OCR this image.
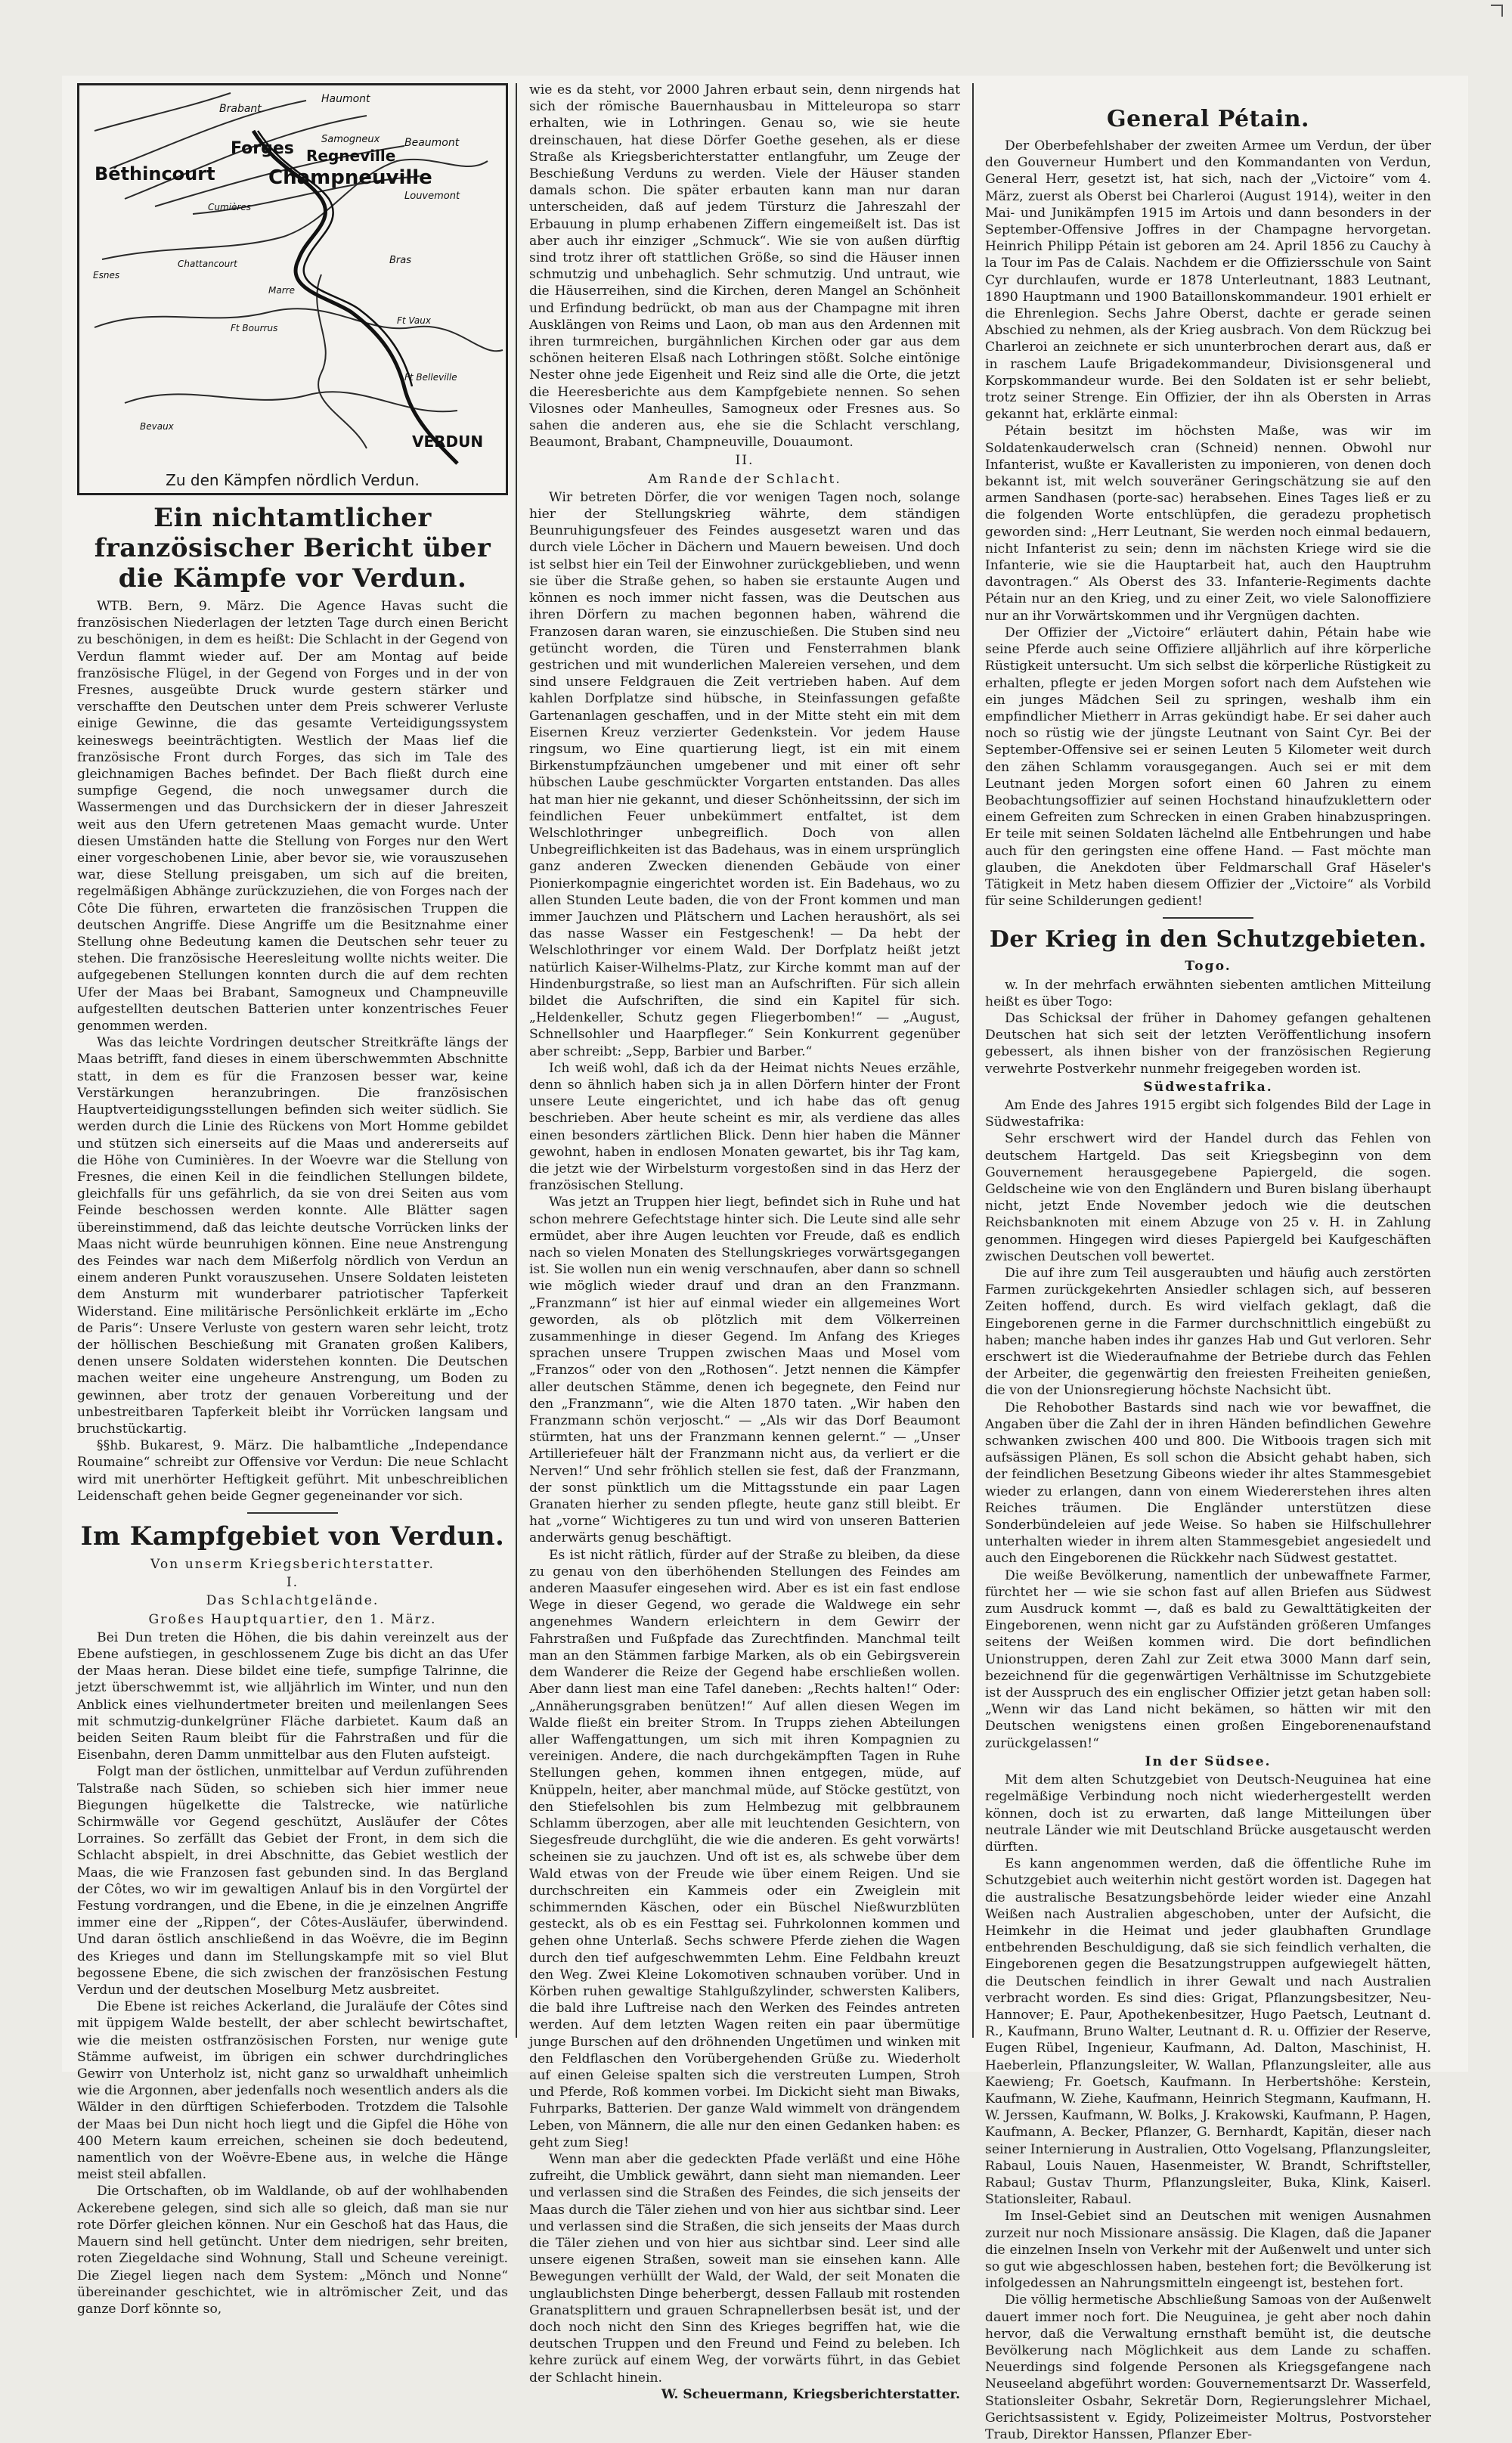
Brabant
Haumont
Samogneux
Forges Regneville
Beaumont
Béthincourt	Champneuville
Louvemont
Cumières
Esnes
Chattancourt	Bras
Marre
Ft Bourrus
Ft Vaux
Ft Belleville
Bevaux
VERDUN
Zu den Kämpfen nördlich Verdun.
Ein nichtamtlicher französischer Bericht über die Kämpfe vor Verdun.

WTB. Bern, 9. März. Die Agence Havas sucht die französischen Niederlagen der letzten Tage durch einen Bericht zu beschönigen, in dem es heißt: Die Schlacht in der Gegend von Verdun flammt wieder auf. Der am Montag auf beide französische Flügel, in der Gegend von Forges und in der von Fresnes, ausgeübte Druck wurde gestern stärker und verschaffte den Deutschen unter dem Preis schwerer Verluste einige Gewinne, die das gesamte Verteidigungssystem keineswegs beeinträchtigten. Westlich der Maas lief die französische Front durch Forges, das sich im Tale des gleichnamigen Baches befindet. Der Bach fließt durch eine sumpfige Gegend, die noch unwegsamer durch die Wassermengen und das Durchsickern der in dieser Jahreszeit weit aus den Ufern getretenen Maas gemacht wurde. Unter diesen Umständen hatte die Stellung von Forges nur den Wert einer vorgeschobenen Linie, aber bevor sie, wie vorauszusehen war, diese Stellung preisgaben, um sich auf die breiten, regelmäßigen Abhänge zurückzuziehen, die von Forges nach der Côte Die führen, erwarteten die französischen Truppen die deutschen Angriffe. Diese Angriffe um die Besitznahme einer Stellung ohne Bedeutung kamen die Deutschen sehr teuer zu stehen. Die französische Heeresleitung wollte nichts weiter. Die aufgegebenen Stellungen konnten durch die auf dem rechten Ufer der Maas bei Brabant, Samogneux und Champneuville aufgestellten deutschen Batterien unter konzentrisches Feuer genommen werden.

Was das leichte Vordringen deutscher Streitkräfte längs der Maas betrifft, fand dieses in einem überschwemmten Abschnitte statt, in dem es für die Franzosen besser war, keine Verstärkungen heranzubringen. Die französischen Hauptverteidigungsstellungen befinden sich weiter südlich. Sie werden durch die Linie des Rückens von Mort Homme gebildet und stützen sich einerseits auf die Maas und andererseits auf die Höhe von Cuminières. In der Woevre war die Stellung von Fresnes, die einen Keil in die feindlichen Stellungen bildete, gleichfalls für uns gefährlich, da sie von drei Seiten aus vom Feinde beschossen werden konnte. Alle Blätter sagen übereinstimmend, daß das leichte deutsche Vorrücken links der Maas nicht würde beunruhigen können. Eine neue Anstrengung des Feindes war nach dem Mißerfolg nördlich von Verdun an einem anderen Punkt vorauszusehen. Unsere Soldaten leisteten dem Ansturm mit wunderbarer patriotischer Tapferkeit Widerstand. Eine militärische Persönlichkeit erklärte im „Echo de Paris“: Unsere Verluste von gestern waren sehr leicht, trotz der höllischen Beschießung mit Granaten großen Kalibers, denen unsere Soldaten widerstehen konnten. Die Deutschen machen weiter eine ungeheure Anstrengung, um Boden zu gewinnen, aber trotz der genauen Vorbereitung und der unbestreitbaren Tapferkeit bleibt ihr Vorrücken langsam und bruchstückartig.

§§hb. Bukarest, 9. März. Die halbamtliche „Independance Roumaine“ schreibt zur Offensive vor Verdun: Die neue Schlacht wird mit unerhörter Heftigkeit geführt. Mit unbeschreiblichen Leidenschaft gehen beide Gegner gegeneinander vor sich.

Im Kampfgebiet von Verdun.
Von unserm Kriegsberichterstatter.
I.
Das Schlachtgelände.
Großes Hauptquartier, den 1. März.

Bei Dun treten die Höhen, die bis dahin vereinzelt aus der Ebene aufstiegen, in geschlossenem Zuge bis dicht an das Ufer der Maas heran. Diese bildet eine tiefe, sumpfige Talrinne, die jetzt überschwemmt ist, wie alljährlich im Winter, und nun den Anblick eines vielhundertmeter breiten und meilenlangen Sees mit schmutzig-dunkelgrüner Fläche darbietet. Kaum daß an beiden Seiten Raum bleibt für die Fahrstraßen und für die Eisenbahn, deren Damm unmittelbar aus den Fluten aufsteigt.

Folgt man der östlichen, unmittelbar auf Verdun zuführenden Talstraße nach Süden, so schieben sich hier immer neue Biegungen hügelkette die Talstrecke, wie natürliche Schirmwälle vor Gegend geschützt, Ausläufer der Côtes Lorraines. So zerfällt das Gebiet der Front, in dem sich die Schlacht abspielt, in drei Abschnitte, das Gebiet westlich der Maas, die wie Franzosen fast gebunden sind. In das Bergland der Côtes, wo wir im gewaltigen Anlauf bis in den Vorgürtel der Festung vordrangen, und die Ebene, in die je einzelnen Angriffe immer eine der „Rippen“, der Côtes-Ausläufer, überwindend. Und daran östlich anschließend in das Woëvre, die im Beginn des Krieges und dann im Stellungskampfe mit so viel Blut begossene Ebene, die sich zwischen der französischen Festung Verdun und der deutschen Moselburg Metz ausbreitet.

Die Ebene ist reiches Ackerland, die Juraläufe der Côtes sind mit üppigem Walde bestellt, der aber schlecht bewirtschaftet, wie die meisten ostfranzösischen Forsten, nur wenige gute Stämme aufweist, im übrigen ein schwer durchdringliches Gewirr von Unterholz ist, nicht ganz so urwaldhaft unheimlich wie die Argonnen, aber jedenfalls noch wesentlich anders als die Wälder in den dürftigen Schieferboden. Trotzdem die Talsohle der Maas bei Dun nicht hoch liegt und die Gipfel die Höhe von 400 Metern kaum erreichen, scheinen sie doch bedeutend, namentlich von der Woëvre-Ebene aus, in welche die Hänge meist steil abfallen.

Die Ortschaften, ob im Waldlande, ob auf der wohlhabenden Ackerebene gelegen, sind sich alle so gleich, daß man sie nur rote Dörfer gleichen können. Nur ein Geschoß hat das Haus, die Mauern sind hell getüncht. Unter dem niedrigen, sehr breiten, roten Ziegeldache sind Wohnung, Stall und Scheune vereinigt. Die Ziegel liegen nach dem System: „Mönch und Nonne“ übereinander geschichtet, wie in altrömischer Zeit, und das ganze Dorf könnte so,

wie es da steht, vor 2000 Jahren erbaut sein, denn nirgends hat sich der römische Bauernhausbau in Mitteleuropa so starr erhalten, wie in Lothringen. Genau so, wie sie heute dreinschauen, hat diese Dörfer Goethe gesehen, als er diese Straße als Kriegsberichterstatter entlangfuhr, um Zeuge der Beschießung Verduns zu werden. Viele der Häuser standen damals schon. Die später erbauten kann man nur daran unterscheiden, daß auf jedem Türsturz die Jahreszahl der Erbauung in plump erhabenen Ziffern eingemeißelt ist. Das ist aber auch ihr einziger „Schmuck“. Wie sie von außen dürftig sind trotz ihrer oft stattlichen Größe, so sind die Häuser innen schmutzig und unbehaglich. Sehr schmutzig. Und untraut, wie die Häuserreihen, sind die Kirchen, deren Mangel an Schönheit und Erfindung bedrückt, ob man aus der Champagne mit ihren Ausklängen von Reims und Laon, ob man aus den Ardennen mit ihren turmreichen, burgähnlichen Kirchen oder gar aus dem schönen heiteren Elsaß nach Lothringen stößt. Solche eintönige Nester ohne jede Eigenheit und Reiz sind alle die Orte, die jetzt die Heeresberichte aus dem Kampfgebiete nennen. So sehen Vilosnes oder Manheulles, Samogneux oder Fresnes aus. So sahen die anderen aus, ehe sie die Schlacht verschlang, Beaumont, Brabant, Champneuville, Douaumont.

II.
Am Rande der Schlacht.

Wir betreten Dörfer, die vor wenigen Tagen noch, solange hier der Stellungskrieg währte, dem ständigen Beunruhigungsfeuer des Feindes ausgesetzt waren und das durch viele Löcher in Dächern und Mauern beweisen. Und doch ist selbst hier ein Teil der Einwohner zurückgeblieben, und wenn sie über die Straße gehen, so haben sie erstaunte Augen und können es noch immer nicht fassen, was die Deutschen aus ihren Dörfern zu machen begonnen haben, während die Franzosen daran waren, sie einzuschießen. Die Stuben sind neu getüncht worden, die Türen und Fensterrahmen blank gestrichen und mit wunderlichen Malereien versehen, und dem sind unsere Feldgrauen die Zeit vertrieben haben. Auf dem kahlen Dorfplatze sind hübsche, in Steinfassungen gefaßte Gartenanlagen geschaffen, und in der Mitte steht ein mit dem Eisernen Kreuz verzierter Gedenkstein. Vor jedem Hause ringsum, wo Eine quartierung liegt, ist ein mit einem Birkenstumpfzäunchen umgebener und mit einer oft sehr hübschen Laube geschmückter Vorgarten entstanden. Das alles hat man hier nie gekannt, und dieser Schönheitssinn, der sich im feindlichen Feuer unbekümmert entfaltet, ist dem Welschlothringer unbegreiflich. Doch von allen Unbegreiflichkeiten ist das Badehaus, was in einem ursprünglich ganz anderen Zwecken dienenden Gebäude von einer Pionierkompagnie eingerichtet worden ist. Ein Badehaus, wo zu allen Stunden Leute baden, die von der Front kommen und man immer Jauchzen und Plätschern und Lachen heraushört, als sei das nasse Wasser ein Festgeschenk! — Da hebt der Welschlothringer vor einem Wald. Der Dorfplatz heißt jetzt natürlich Kaiser-Wilhelms-Platz, zur Kirche kommt man auf der Hindenburgstraße, so liest man an Aufschriften. Für sich allein bildet die Aufschriften, die sind ein Kapitel für sich. „Heldenkeller, Schutz gegen Fliegerbomben!“ — „August, Schnellsohler und Haarpfleger.“ Sein Konkurrent gegenüber aber schreibt: „Sepp, Barbier und Barber.“

Ich weiß wohl, daß ich da der Heimat nichts Neues erzähle, denn so ähnlich haben sich ja in allen Dörfern hinter der Front unsere Leute eingerichtet, und ich habe das oft genug beschrieben. Aber heute scheint es mir, als verdiene das alles einen besonders zärtlichen Blick. Denn hier haben die Männer gewohnt, haben in endlosen Monaten gewartet, bis ihr Tag kam, die jetzt wie der Wirbelsturm vorgestoßen sind in das Herz der französischen Stellung.

Was jetzt an Truppen hier liegt, befindet sich in Ruhe und hat schon mehrere Gefechtstage hinter sich. Die Leute sind alle sehr ermüdet, aber ihre Augen leuchten vor Freude, daß es endlich nach so vielen Monaten des Stellungskrieges vorwärtsgegangen ist. Sie wollen nun ein wenig verschnaufen, aber dann so schnell wie möglich wieder drauf und dran an den Franzmann. „Franzmann“ ist hier auf einmal wieder ein allgemeines Wort geworden, als ob plötzlich mit dem Völkerreinen zusammenhinge in dieser Gegend. Im Anfang des Krieges sprachen unsere Truppen zwischen Maas und Mosel vom „Franzos“ oder von den „Rothosen“. Jetzt nennen die Kämpfer aller deutschen Stämme, denen ich begegnete, den Feind nur den „Franzmann“, wie die Alten 1870 taten. „Wir haben den Franzmann schön verjoscht.“ — „Als wir das Dorf Beaumont stürmten, hat uns der Franzmann kennen gelernt.“ — „Unser Artilleriefeuer hält der Franzmann nicht aus, da verliert er die Nerven!“ Und sehr fröhlich stellen sie fest, daß der Franzmann, der sonst pünktlich um die Mittagsstunde ein paar Lagen Granaten hierher zu senden pflegte, heute ganz still bleibt. Er hat „vorne“ Wichtigeres zu tun und wird von unseren Batterien anderwärts genug beschäftigt.

Es ist nicht rätlich, fürder auf der Straße zu bleiben, da diese zu genau von den überhöhenden Stellungen des Feindes am anderen Maasufer eingesehen wird. Aber es ist ein fast endlose Wege in dieser Gegend, wo gerade die Waldwege ein sehr angenehmes Wandern erleichtern in dem Gewirr der Fahrstraßen und Fußpfade das Zurechtfinden. Manchmal teilt man an den Stämmen farbige Marken, als ob ein Gebirgsverein dem Wanderer die Reize der Gegend habe erschließen wollen. Aber dann liest man eine Tafel daneben: „Rechts halten!“ Oder: „Annäherungsgraben benützen!“ Auf allen diesen Wegen im Walde fließt ein breiter Strom. In Trupps ziehen Abteilungen aller Waffengattungen, um sich mit ihren Kompagnien zu vereinigen. Andere, die nach durchgekämpften Tagen in Ruhe Stellungen gehen, kommen ihnen entgegen, müde, auf Knüppeln, heiter, aber manchmal müde, auf Stöcke gestützt, von den Stiefelsohlen bis zum Helmbezug mit gelbbraunem Schlamm überzogen, aber alle mit leuchtenden Gesichtern, von Siegesfreude durchglüht, die wie die anderen. Es geht vorwärts! scheinen sie zu jauchzen. Und oft ist es, als schwebe über dem Wald etwas von der Freude wie über einem Reigen. Und sie durchschreiten ein Kammeis oder ein Zweiglein mit schimmernden Käschen, oder ein Büschel Nießwurzblüten gesteckt, als ob es ein Festtag sei. Fuhrkolonnen kommen und gehen ohne Unterlaß. Sechs schwere Pferde ziehen die Wagen durch den tief aufgeschwemmten Lehm. Eine Feldbahn kreuzt den Weg. Zwei Kleine Lokomotiven schnauben vorüber. Und in Körben ruhen gewaltige Stahlgußzylinder, schwersten Kalibers, die bald ihre Luftreise nach den Werken des Feindes antreten werden. Auf dem letzten Wagen reiten ein paar übermütige junge Burschen auf den dröhnenden Ungetümen und winken mit den Feldflaschen den Vorübergehenden Grüße zu. Wiederholt auf einen Geleise spalten sich die verstreuten Lumpen, Stroh und Pferde, Roß kommen vorbei. Im Dickicht sieht man Biwaks, Fuhrparks, Batterien. Der ganze Wald wimmelt von drängendem Leben, von Männern, die alle nur den einen Gedanken haben: es geht zum Sieg!

Wenn man aber die gedeckten Pfade verläßt und eine Höhe zufreiht, die Umblick gewährt, dann sieht man niemanden. Leer und verlassen sind die Straßen des Feindes, die sich jenseits der Maas durch die Täler ziehen und von hier aus sichtbar sind. Leer und verlassen sind die Straßen, die sich jenseits der Maas durch die Täler ziehen und von hier aus sichtbar sind. Leer sind alle unsere eigenen Straßen, soweit man sie einsehen kann. Alle Bewegungen verhüllt der Wald, der Wald, der seit Monaten die unglaublichsten Dinge beherbergt, dessen Fallaub mit rostenden Granatsplittern und grauen Schrapnellerbsen besät ist, und der doch noch nicht den Sinn des Krieges begriffen hat, wie die deutschen Truppen und den Freund und Feind zu beleben. Ich kehre zurück auf einem Weg, der vorwärts führt, in das Gebiet der Schlacht hinein.

W. Scheuermann, Kriegsberichterstatter.

General Pétain.

Der Oberbefehlshaber der zweiten Armee um Verdun, der über den Gouverneur Humbert und den Kommandanten von Verdun, General Herr, gesetzt ist, hat sich, nach der „Victoire“ vom 4. März, zuerst als Oberst bei Charleroi (August 1914), weiter in den Mai- und Junikämpfen 1915 im Artois und dann besonders in der September-Offensive Joffres in der Champagne hervorgetan. Heinrich Philipp Pétain ist geboren am 24. April 1856 zu Cauchy à la Tour im Pas de Calais. Nachdem er die Offiziersschule von Saint Cyr durchlaufen, wurde er 1878 Unterleutnant, 1883 Leutnant, 1890 Hauptmann und 1900 Bataillonskommandeur. 1901 erhielt er die Ehrenlegion. Sechs Jahre Oberst, dachte er gerade seinen Abschied zu nehmen, als der Krieg ausbrach. Von dem Rückzug bei Charleroi an zeichnete er sich ununterbrochen derart aus, daß er in raschem Laufe Brigadekommandeur, Divisionsgeneral und Korpskommandeur wurde. Bei den Soldaten ist er sehr beliebt, trotz seiner Strenge. Ein Offizier, der ihn als Obersten in Arras gekannt hat, erklärte einmal:

Pétain besitzt im höchsten Maße, was wir im Soldatenkauderwelsch cran (Schneid) nennen. Obwohl nur Infanterist, wußte er Kavalleristen zu imponieren, von denen doch bekannt ist, mit welch souveräner Geringschätzung sie auf den armen Sandhasen (porte-sac) herabsehen. Eines Tages ließ er zu die folgenden Worte entschlüpfen, die geradezu prophetisch geworden sind: „Herr Leutnant, Sie werden noch einmal bedauern, nicht Infanterist zu sein; denn im nächsten Kriege wird sie die Infanterie, wie sie die Hauptarbeit hat, auch den Hauptruhm davontragen.“ Als Oberst des 33. Infanterie-Regiments dachte Pétain nur an den Krieg, und zu einer Zeit, wo viele Salonoffiziere nur an ihr Vorwärtskommen und ihr Vergnügen dachten.

Der Offizier der „Victoire“ erläutert dahin, Pétain habe wie seine Pferde auch seine Offiziere alljährlich auf ihre körperliche Rüstigkeit untersucht. Um sich selbst die körperliche Rüstigkeit zu erhalten, pflegte er jeden Morgen sofort nach dem Aufstehen wie ein junges Mädchen Seil zu springen, weshalb ihm ein empfindlicher Mietherr in Arras gekündigt habe. Er sei daher auch noch so rüstig wie der jüngste Leutnant von Saint Cyr. Bei der September-Offensive sei er seinen Leuten 5 Kilometer weit durch den zähen Schlamm vorausgegangen. Auch sei er mit dem Leutnant jeden Morgen sofort einen 60 Jahren zu einem Beobachtungsoffizier auf seinen Hochstand hinaufzuklettern oder einem Gefreiten zum Schrecken in einen Graben hinabzuspringen. Er teile mit seinen Soldaten lächelnd alle Entbehrungen und habe auch für den geringsten eine offene Hand. — Fast möchte man glauben, die Anekdoten über Feldmarschall Graf Häseler's Tätigkeit in Metz haben diesem Offizier der „Victoire“ als Vorbild für seine Schilderungen gedient!

Der Krieg in den Schutzgebieten.
Togo.

w. In der mehrfach erwähnten siebenten amtlichen Mitteilung heißt es über Togo:

Das Schicksal der früher in Dahomey gefangen gehaltenen Deutschen hat sich seit der letzten Veröffentlichung insofern gebessert, als ihnen bisher von der französischen Regierung verwehrte Postverkehr nunmehr freigegeben worden ist.

Südwestafrika.

Am Ende des Jahres 1915 ergibt sich folgendes Bild der Lage in Südwestafrika:

Sehr erschwert wird der Handel durch das Fehlen von deutschem Hartgeld. Das seit Kriegsbeginn von dem Gouvernement herausgegebene Papiergeld, die sogen. Geldscheine wie von den Engländern und Buren bislang überhaupt nicht, jetzt Ende November jedoch wie die deutschen Reichsbanknoten mit einem Abzuge von 25 v. H. in Zahlung genommen. Hingegen wird dieses Papiergeld bei Kaufgeschäften zwischen Deutschen voll bewertet.

Die auf ihre zum Teil ausgeraubten und häufig auch zerstörten Farmen zurückgekehrten Ansiedler schlagen sich, auf besseren Zeiten hoffend, durch. Es wird vielfach geklagt, daß die Eingeborenen gerne in die Farmer durchschnittlich eingebüßt zu haben; manche haben indes ihr ganzes Hab und Gut verloren. Sehr erschwert ist die Wiederaufnahme der Betriebe durch das Fehlen der Arbeiter, die gegenwärtig den freiesten Freiheiten genießen, die von der Unionsregierung höchste Nachsicht übt.

Die Rehobother Bastards sind nach wie vor bewaffnet, die Angaben über die Zahl der in ihren Händen befindlichen Gewehre schwanken zwischen 400 und 800. Die Witboois tragen sich mit aufsässigen Plänen, Es soll schon die Absicht gehabt haben, sich der feindlichen Besetzung Gibeons wieder ihr altes Stammesgebiet wieder zu erlangen, dann von einem Wiedererstehen ihres alten Reiches träumen. Die Engländer unterstützen diese Sonderbündeleien auf jede Weise. So haben sie Hilfschullehrer unterhalten wieder in ihrem alten Stammesgebiet angesiedelt und auch den Eingeborenen die Rückkehr nach Südwest gestattet.

Die weiße Bevölkerung, namentlich der unbewaffnete Farmer, fürchtet her — wie sie schon fast auf allen Briefen aus Südwest zum Ausdruck kommt —, daß es bald zu Gewalttätigkeiten der Eingeborenen, wenn nicht gar zu Aufständen größeren Umfanges seitens der Weißen kommen wird. Die dort befindlichen Unionstruppen, deren Zahl zur Zeit etwa 3000 Mann darf sein, bezeichnend für die gegenwärtigen Verhältnisse im Schutzgebiete ist der Ausspruch des ein englischer Offizier jetzt getan haben soll: „Wenn wir das Land nicht bekämen, so hätten wir mit den Deutschen wenigstens einen großen Eingeborenenaufstand zurückgelassen!“

In der Südsee.

Mit dem alten Schutzgebiet von Deutsch-Neuguinea hat eine regelmäßige Verbindung noch nicht wiederhergestellt werden können, doch ist zu erwarten, daß lange Mitteilungen über neutrale Länder wie mit Deutschland Brücke ausgetauscht werden dürften.

Es kann angenommen werden, daß die öffentliche Ruhe im Schutzgebiet auch weiterhin nicht gestört worden ist. Dagegen hat die australische Besatzungsbehörde leider wieder eine Anzahl Weißen nach Australien abgeschoben, unter der Aufsicht, die Heimkehr in die Heimat und jeder glaubhaften Grundlage entbehrenden Beschuldigung, daß sie sich feindlich verhalten, die Eingeborenen gegen die Besatzungstruppen aufgewiegelt hätten, die Deutschen feindlich in ihrer Gewalt und nach Australien verbracht worden. Es sind dies: Grigat, Pflanzungsbesitzer, Neu-Hannover; E. Paur, Apothekenbesitzer, Hugo Paetsch, Leutnant d. R., Kaufmann, Bruno Walter, Leutnant d. R. u. Offizier der Reserve, Eugen Rübel, Ingenieur, Kaufmann, Ad. Dalton, Maschinist, H. Haeberlein, Pflanzungsleiter, W. Wallan, Pflanzungsleiter, alle aus Kaewieng; Fr. Goetsch, Kaufmann. In Herbertshöhe: Kerstein, Kaufmann, W. Ziehe, Kaufmann, Heinrich Stegmann, Kaufmann, H. W. Jerssen, Kaufmann, W. Bolks, J. Krakowski, Kaufmann, P. Hagen, Kaufmann, A. Becker, Pflanzer, G. Bernhardt, Kapitän, dieser nach seiner Internierung in Australien, Otto Vogelsang, Pflanzungsleiter, Rabaul, Louis Nauen, Hasenmeister, W. Brandt, Schriftsteller, Rabaul; Gustav Thurm, Pflanzungsleiter, Buka, Klink, Kaiserl. Stationsleiter, Rabaul.

Im Insel-Gebiet sind an Deutschen mit wenigen Ausnahmen zurzeit nur noch Missionare ansässig. Die Klagen, daß die Japaner die einzelnen Inseln von Verkehr mit der Außenwelt und unter sich so gut wie abgeschlossen haben, bestehen fort; die Bevölkerung ist infolgedessen an Nahrungsmitteln eingeengt ist, bestehen fort.

Die völlig hermetische Abschließung Samoas von der Außenwelt dauert immer noch fort. Die Neuguinea, je geht aber noch dahin hervor, daß die Verwaltung ernsthaft bemüht ist, die deutsche Bevölkerung nach Möglichkeit aus dem Lande zu schaffen. Neuerdings sind folgende Personen als Kriegsgefangene nach Neuseeland abgeführt worden: Gouvernementsarzt Dr. Wasserfeld, Stationsleiter Osbahr, Sekretär Dorn, Regierungslehrer Michael, Gerichtsassistent v. Egidy, Polizeimeister Moltrus, Postvorsteher Traub, Direktor Hanssen, Pflanzer Eber-
